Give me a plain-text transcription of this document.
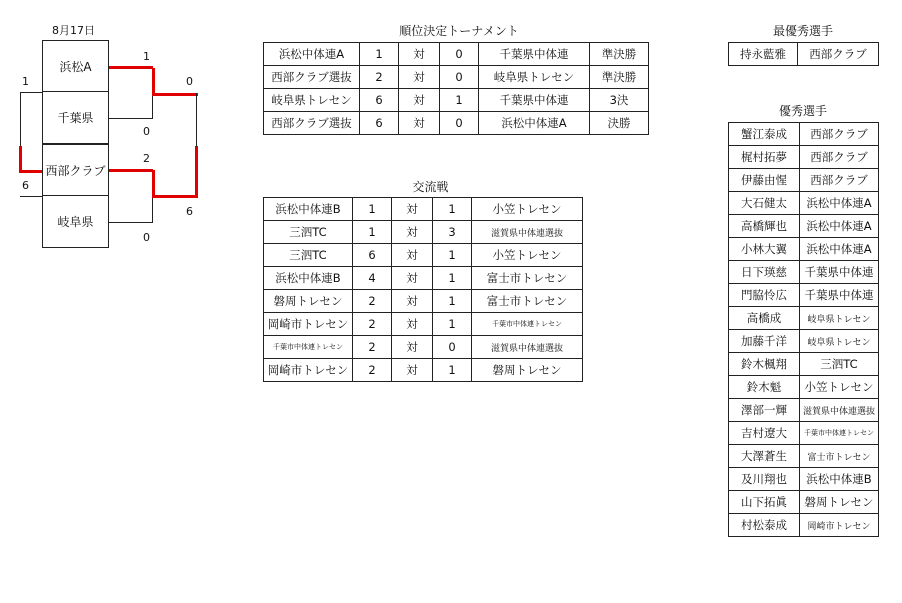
8月17日
浜松A
千葉県
西部クラブ
岐阜県
1
6
1
0
2
0
0
6
順位決定トーナメント
浜松中体連A	1	対	0	千葉県中体連	準決勝
西部クラブ選抜	2	対	0	岐阜県トレセン	準決勝
岐阜県トレセン	6	対	1	千葉県中体連	3決
西部クラブ選抜	6	対	0	浜松中体連A	決勝
交流戦
浜松中体連B	1	対	1	小笠トレセン
三泗TC	1	対	3	滋賀県中体連選抜
三泗TC	6	対	1	小笠トレセン
浜松中体連B	4	対	1	富士市トレセン
磐周トレセン	2	対	1	富士市トレセン
岡崎市トレセン	2	対	1	千葉市中体連トレセン
千葉市中体連トレセン	2	対	0	滋賀県中体連選抜
岡崎市トレセン	2	対	1	磐周トレセン
最優秀選手
持永藍雅	西部クラブ
優秀選手
蟹江泰成	西部クラブ
梶村拓夢	西部クラブ
伊藤由惺	西部クラブ
大石健太	浜松中体連A
高橋輝也	浜松中体連A
小林大翼	浜松中体連A
日下瑛慈	千葉県中体連
門脇怜広	千葉県中体連
高橋成	岐阜県トレセン
加藤千洋	岐阜県トレセン
鈴木楓翔	三泗TC
鈴木魁	小笠トレセン
澤部一輝	滋賀県中体連選抜
吉村遼大	千葉市中体連トレセン
大澤蒼生	富士市トレセン
及川翔也	浜松中体連B
山下拓眞	磐周トレセン
村松泰成	岡崎市トレセン
